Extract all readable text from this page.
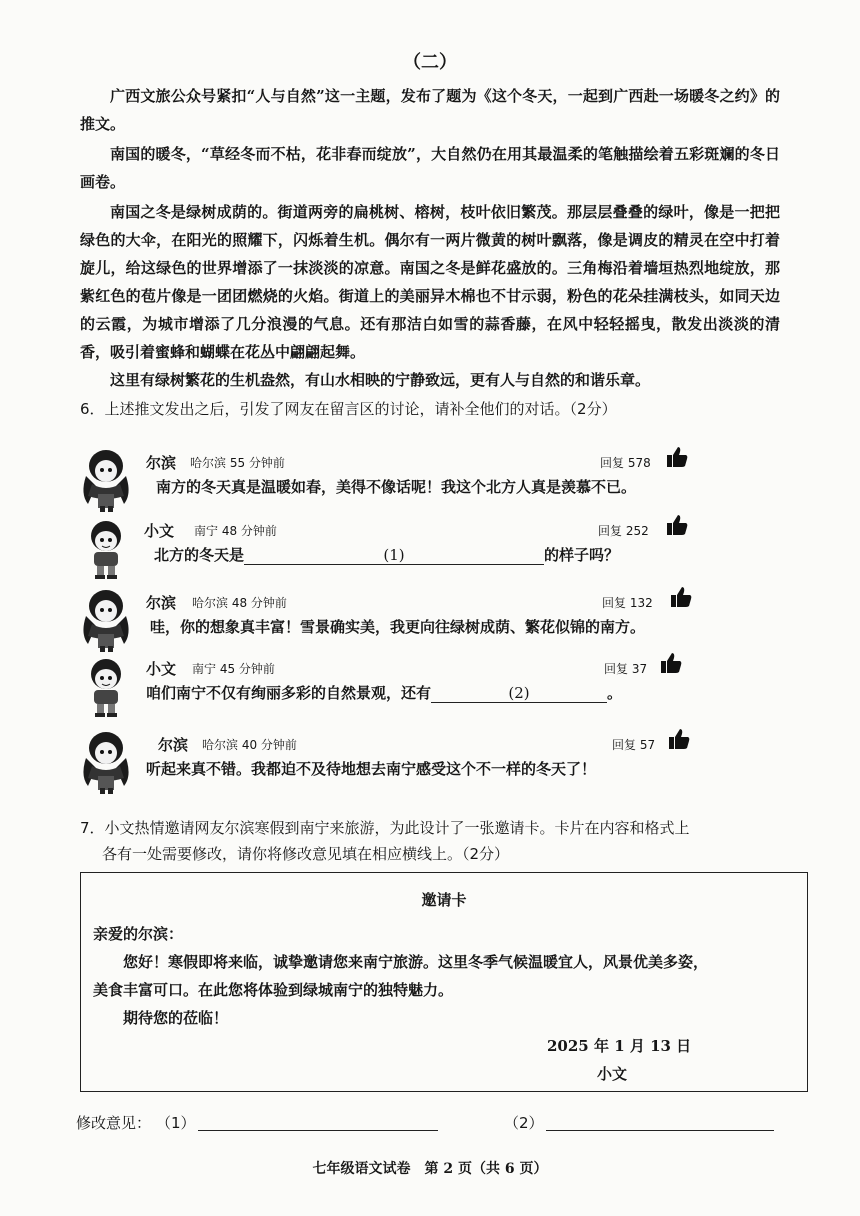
（二）

广西文旅公众号紧扣“人与自然”这一主题，发布了题为《这个冬天，一起到广西赴一场暖冬之约》的推文。

南国的暖冬，“草经冬而不枯，花非春而绽放”，大自然仍在用其最温柔的笔触描绘着五彩斑斓的冬日画卷。

南国之冬是绿树成荫的。街道两旁的扁桃树、榕树，枝叶依旧繁茂。那层层叠叠的绿叶，像是一把把绿色的大伞，在阳光的照耀下，闪烁着生机。偶尔有一两片微黄的树叶飘落，像是调皮的精灵在空中打着旋儿，给这绿色的世界增添了一抹淡淡的凉意。南国之冬是鲜花盛放的。三角梅沿着墙垣热烈地绽放，那紫红色的苞片像是一团团燃烧的火焰。街道上的美丽异木棉也不甘示弱，粉色的花朵挂满枝头，如同天边的云霞，为城市增添了几分浪漫的气息。还有那洁白如雪的蒜香藤，在风中轻轻摇曳，散发出淡淡的清香，吸引着蜜蜂和蝴蝶在花丛中翩翩起舞。

这里有绿树繁花的生机盎然，有山水相映的宁静致远，更有人与自然的和谐乐章。

6．上述推文发出之后，引发了网友在留言区的讨论，请补全他们的对话。（2分）

尔滨 哈尔滨 55 分钟前	回复 578
南方的冬天真是温暖如春，美得不像话呢！我这个北方人真是羡慕不已。
小文 南宁 48 分钟前	回复 252
北方的冬天是	(1)	的样子吗？
尔滨 哈尔滨 48 分钟前	回复 132
哇，你的想象真丰富！雪景确实美，我更向往绿树成荫、繁花似锦的南方。
小文 南宁 45 分钟前	回复 37
咱们南宁不仅有绚丽多彩的自然景观，还有	(2)	。
尔滨 哈尔滨 40 分钟前	回复 57
听起来真不错。我都迫不及待地想去南宁感受这个不一样的冬天了！

7．小文热情邀请网友尔滨寒假到南宁来旅游，为此设计了一张邀请卡。卡片在内容和格式上

各有一处需要修改，请你将修改意见填在相应横线上。（2分）

邀请卡
亲爱的尔滨：
您好！寒假即将来临，诚挚邀请您来南宁旅游。这里冬季气候温暖宜人，风景优美多姿，
美食丰富可口。在此您将体验到绿城南宁的独特魅力。
期待您的莅临！
2025 年 1 月 13 日
小文
修改意见： （1）	（2）
七年级语文试卷　第 2 页（共 6 页）
